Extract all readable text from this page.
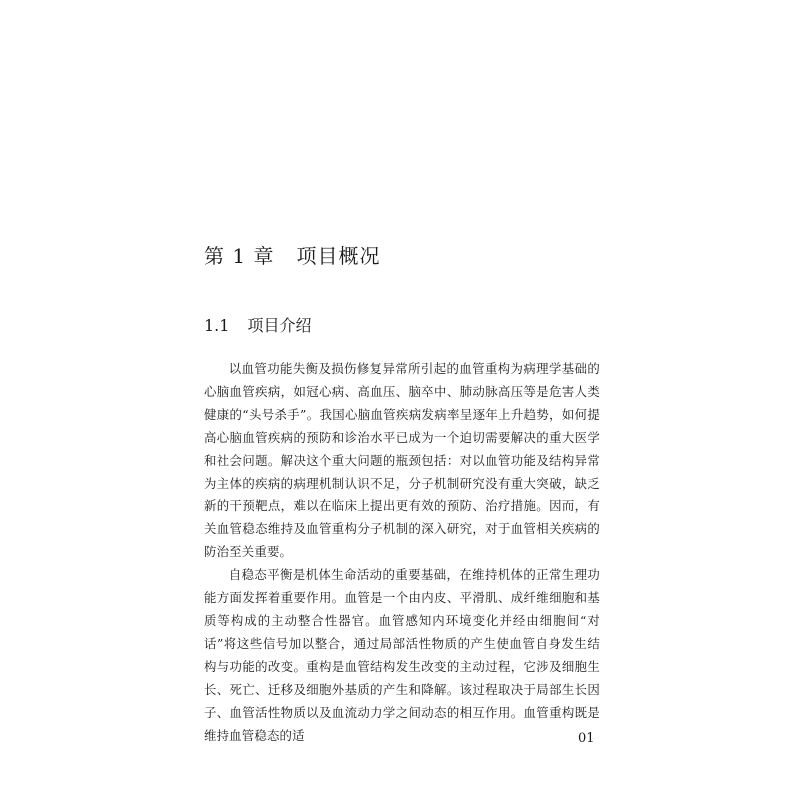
第 1 章 项目概况
1.1 项目介绍

以血管功能失衡及损伤修复异常所引起的血管重构为病理学基础的心脑血管疾病，如冠心病、高血压、脑卒中、肺动脉高压等是危害人类健康的“头号杀手”。我国心脑血管疾病发病率呈逐年上升趋势，如何提高心脑血管疾病的预防和诊治水平已成为一个迫切需要解决的重大医学和社会问题。解决这个重大问题的瓶颈包括：对以血管功能及结构异常为主体的疾病的病理机制认识不足，分子机制研究没有重大突破，缺乏新的干预靶点，难以在临床上提出更有效的预防、治疗措施。因而，有关血管稳态维持及血管重构分子机制的深入研究，对于血管相关疾病的防治至关重要。

自稳态平衡是机体生命活动的重要基础，在维持机体的正常生理功能方面发挥着重要作用。血管是一个由内皮、平滑肌、成纤维细胞和基质等构成的主动整合性器官。血管感知内环境变化并经由细胞间“对话”将这些信号加以整合，通过局部活性物质的产生使血管自身发生结构与功能的改变。重构是血管结构发生改变的主动过程，它涉及细胞生长、死亡、迁移及细胞外基质的产生和降解。该过程取决于局部生长因子、血管活性物质以及血流动力学之间动态的相互作用。血管重构既是维持血管稳态的适	01
